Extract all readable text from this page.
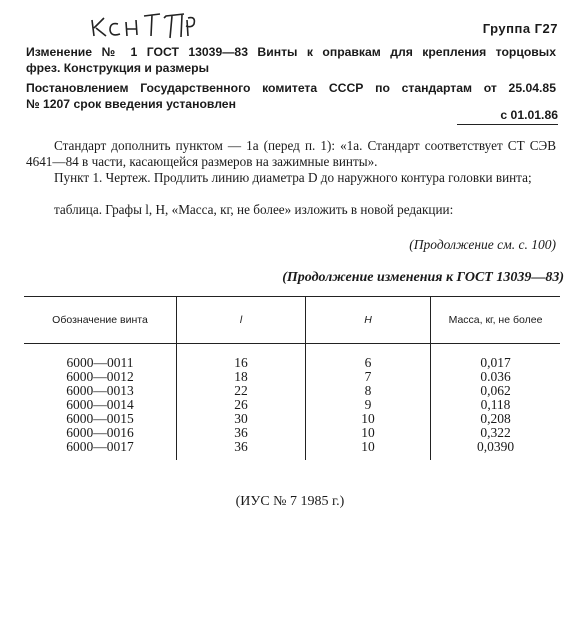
Группа Г27
Изменение № 1 ГОСТ 13039—83 Винты к оправкам для крепления торцовых
фрез. Конструкция и размеры
Постановлением Государственного комитета СССР по стандартам от 25.04.85
№ 1207 срок введения установлен
с 01.01.86
Стандарт дополнить пунктом — 1а (перед п. 1): «1а. Стандарт соответствует СТ СЭВ 4641—84 в части, касающейся размеров на зажимные винты».
Пункт 1. Чертеж. Продлить линию диаметра D до наружного контура головки винта;
таблица. Графы l, H, «Масса, кг, не более» изложить в новой редакции:
(Продолжение см. с. 100)
(Продолжение изменения к ГОСТ 13039—83)
Обозначение винта	l	H	Масса, кг, не более

6000—0011	16	6	0,017
6000—0012	18	7	0.036
6000—0013	22	8	0,062
6000—0014	26	9	0,118
6000—0015	30	10	0,208
6000—0016	36	10	0,322
6000—0017	36	10	0,0390

(ИУС № 7 1985 г.)
